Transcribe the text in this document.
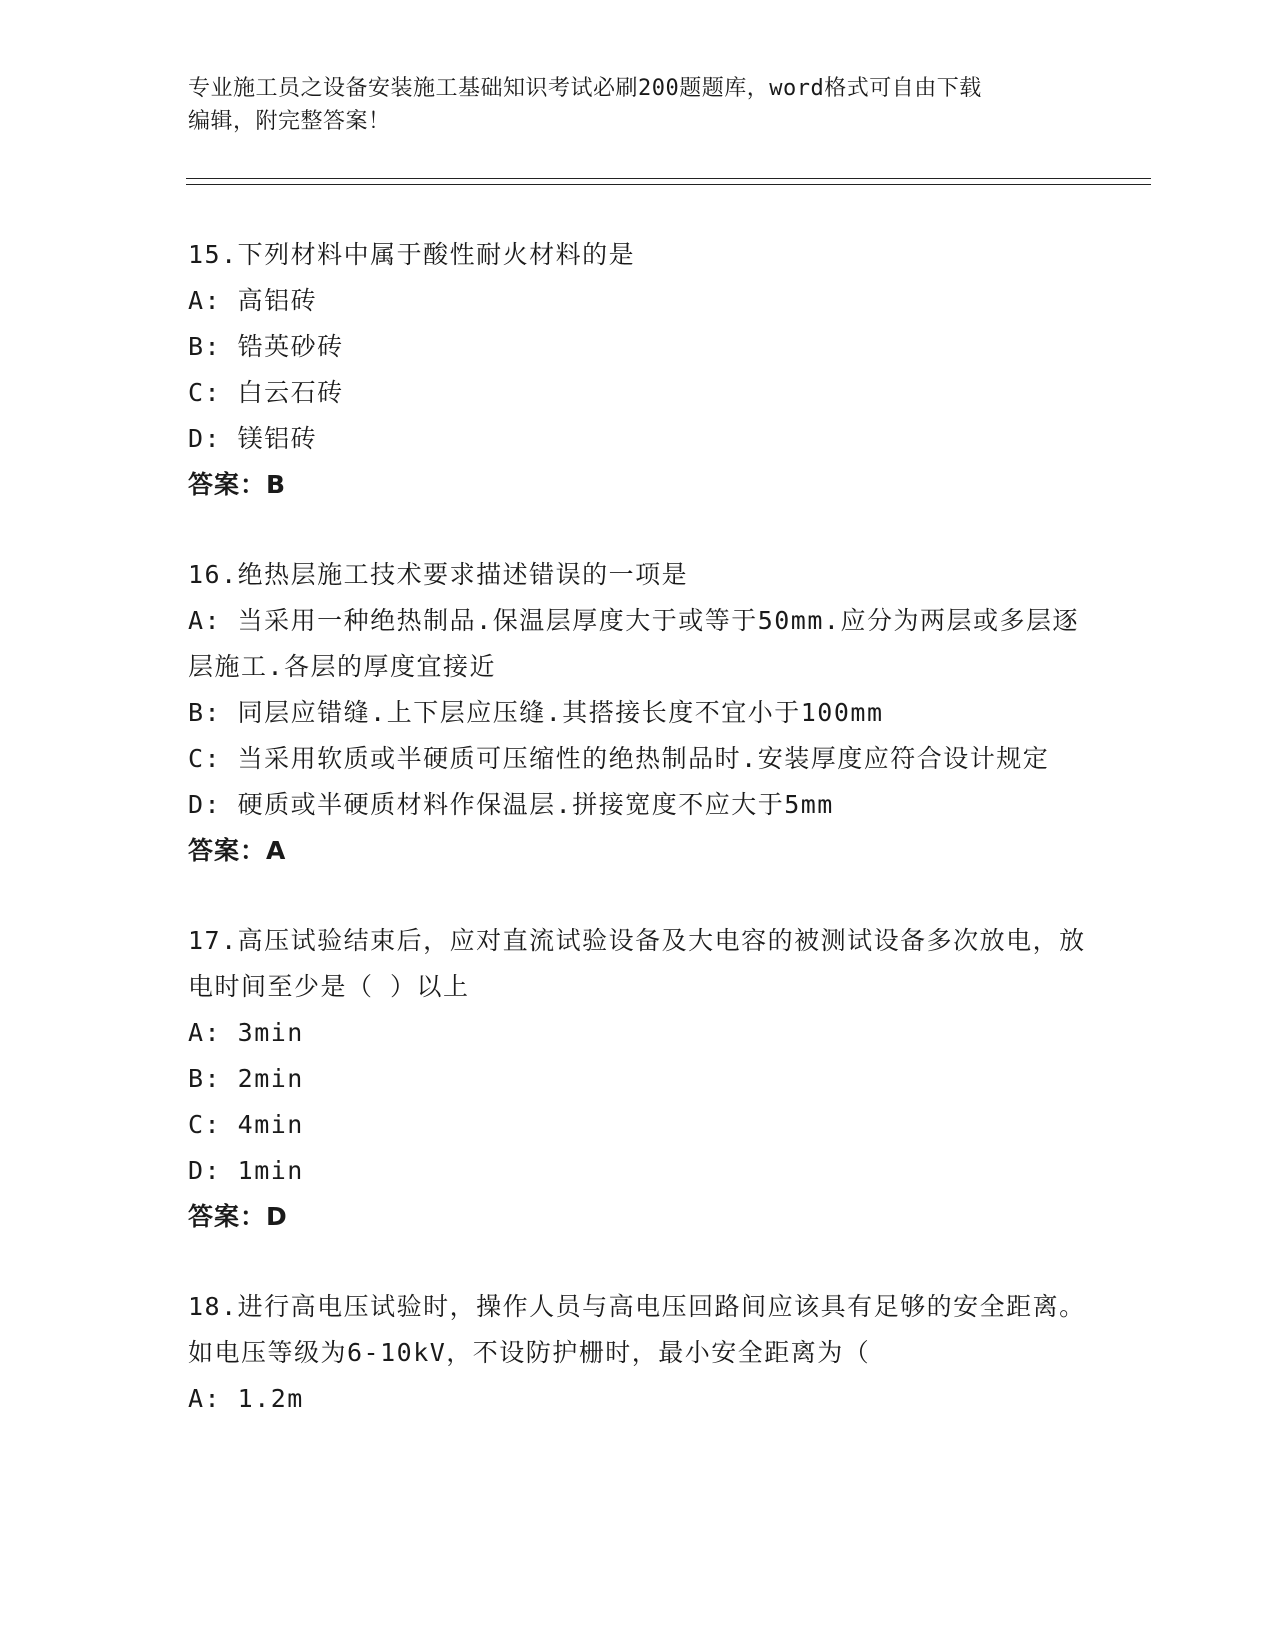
专业施工员之设备安装施工基础知识考试必刷200题题库，word格式可自由下载
编辑，附完整答案！
15.下列材料中属于酸性耐火材料的是
A: 高铝砖
B: 锆英砂砖
C: 白云石砖
D: 镁铝砖
答案：B
16.绝热层施工技术要求描述错误的一项是
A: 当采用一种绝热制品.保温层厚度大于或等于50mm.应分为两层或多层逐层施工.各层的厚度宜接近
B: 同层应错缝.上下层应压缝.其搭接长度不宜小于100mm
C: 当采用软质或半硬质可压缩性的绝热制品时.安装厚度应符合设计规定
D: 硬质或半硬质材料作保温层.拼接宽度不应大于5mm
答案：A
17.高压试验结束后，应对直流试验设备及大电容的被测试设备多次放电，放电时间至少是（ ）以上
A: 3min
B: 2min
C: 4min
D: 1min
答案：D
18.进行高电压试验时，操作人员与高电压回路间应该具有足够的安全距离。如电压等级为6-10kV，不设防护栅时，最小安全距离为（
A: 1.2m
